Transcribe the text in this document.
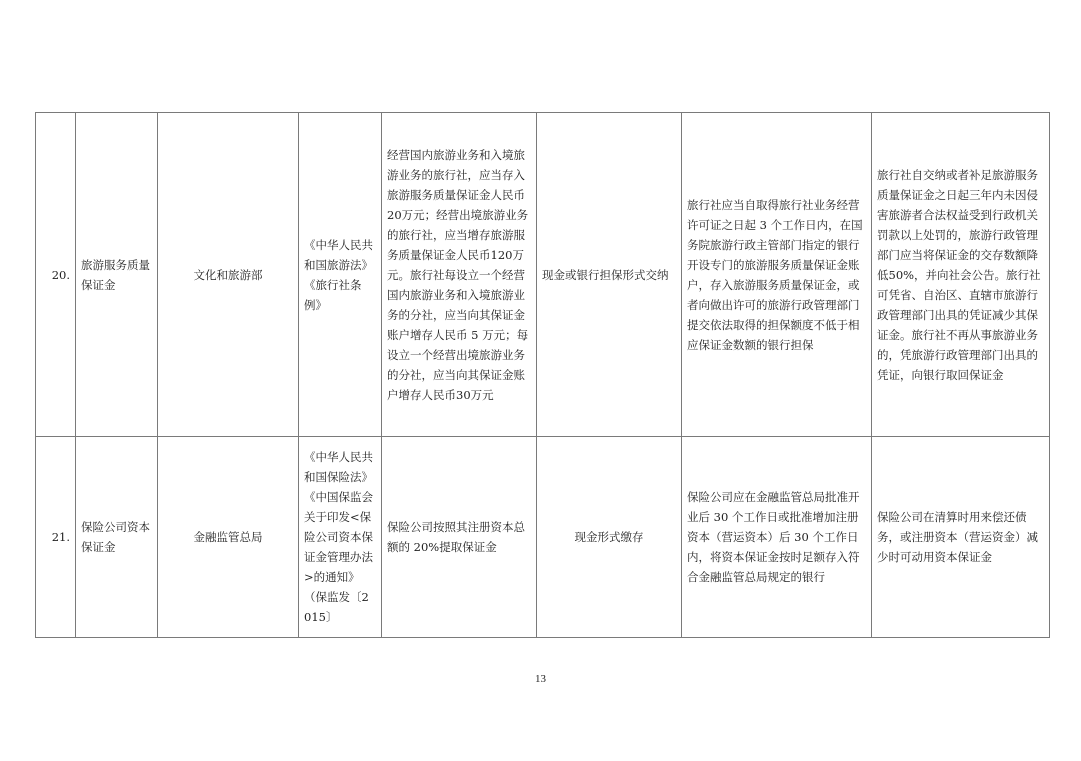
20.	旅游服务质量保证金	文化和旅游部	《中华人民共和国旅游法》《旅行社条例》	经营国内旅游业务和入境旅游业务的旅行社，应当存入旅游服务质量保证金人民币20万元；经营出境旅游业务的旅行社，应当增存旅游服务质量保证金人民币120万元。旅行社每设立一个经营国内旅游业务和入境旅游业务的分社，应当向其保证金账户增存人民币 5 万元；每设立一个经营出境旅游业务的分社，应当向其保证金账户增存人民币30万元	现金或银行担保形式交纳	旅行社应当自取得旅行社业务经营许可证之日起 3 个工作日内，在国务院旅游行政主管部门指定的银行开设专门的旅游服务质量保证金账户，存入旅游服务质量保证金，或者向做出许可的旅游行政管理部门提交依法取得的担保额度不低于相应保证金数额的银行担保	旅行社自交纳或者补足旅游服务质量保证金之日起三年内未因侵害旅游者合法权益受到行政机关罚款以上处罚的，旅游行政管理部门应当将保证金的交存数额降低50%，并向社会公告。旅行社可凭省、自治区、直辖市旅游行政管理部门出具的凭证减少其保证金。旅行社不再从事旅游业务的，凭旅游行政管理部门出具的凭证，向银行取回保证金
21.	保险公司资本保证金	金融监管总局	《中华人民共和国保险法》《中国保监会关于印发<保险公司资本保证金管理办法>的通知》（保监发〔2015〕	保险公司按照其注册资本总额的 20%提取保证金	现金形式缴存	保险公司应在金融监管总局批准开业后 30 个工作日或批准增加注册资本（营运资本）后 30 个工作日内，将资本保证金按时足额存入符合金融监管总局规定的银行	保险公司在清算时用来偿还债务，或注册资本（营运资金）减少时可动用资本保证金
13
